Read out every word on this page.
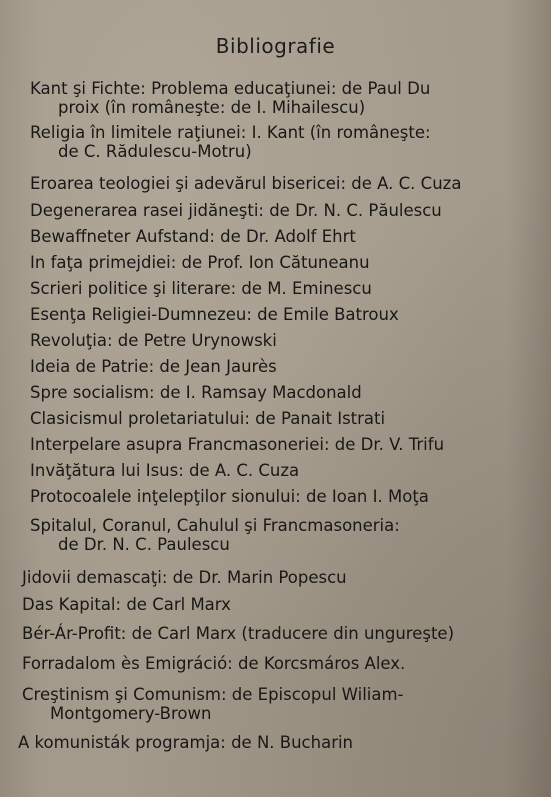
Bibliografie
Kant şi Fichte: Problema educaţiunei: de Paul Du
proix (în româneşte: de I. Mihailescu)
Religia în limitele raţiunei: I. Kant (în româneşte:
de C. Rădulescu-Motru)
Eroarea teologiei şi adevărul bisericei: de A. C. Cuza
Degenerarea rasei jidăneşti: de Dr. N. C. Păulescu
Bewaffneter Aufstand: de Dr. Adolf Ehrt
In faţa primejdiei: de Prof. Ion Cătuneanu
Scrieri politice şi literare: de M. Eminescu
Esenţa Religiei-Dumnezeu: de Emile Batroux
Revoluţia: de Petre Urynowski
Ideia de Patrie: de Jean Jaurès
Spre socialism: de I. Ramsay Macdonald
Clasicismul proletariatului: de Panait Istrati
Interpelare asupra Francmasoneriei: de Dr. V. Trifu
Invăţătura lui Isus: de A. C. Cuza
Protocoalele inţelepţilor sionului: de Ioan I. Moţa
Spitalul, Coranul, Cahulul şi Francmasoneria:
de Dr. N. C. Paulescu
Jidovii demascaţi: de Dr. Marin Popescu
Das Kapital: de Carl Marx
Bér-Ár-Profit: de Carl Marx (traducere din ungureşte)
Forradalom ès Emigráció: de Korcsmáros Alex.
Creştinism şi Comunism: de Episcopul Wiliam-
Montgomery-Brown
A komunisták programja: de N. Bucharin
